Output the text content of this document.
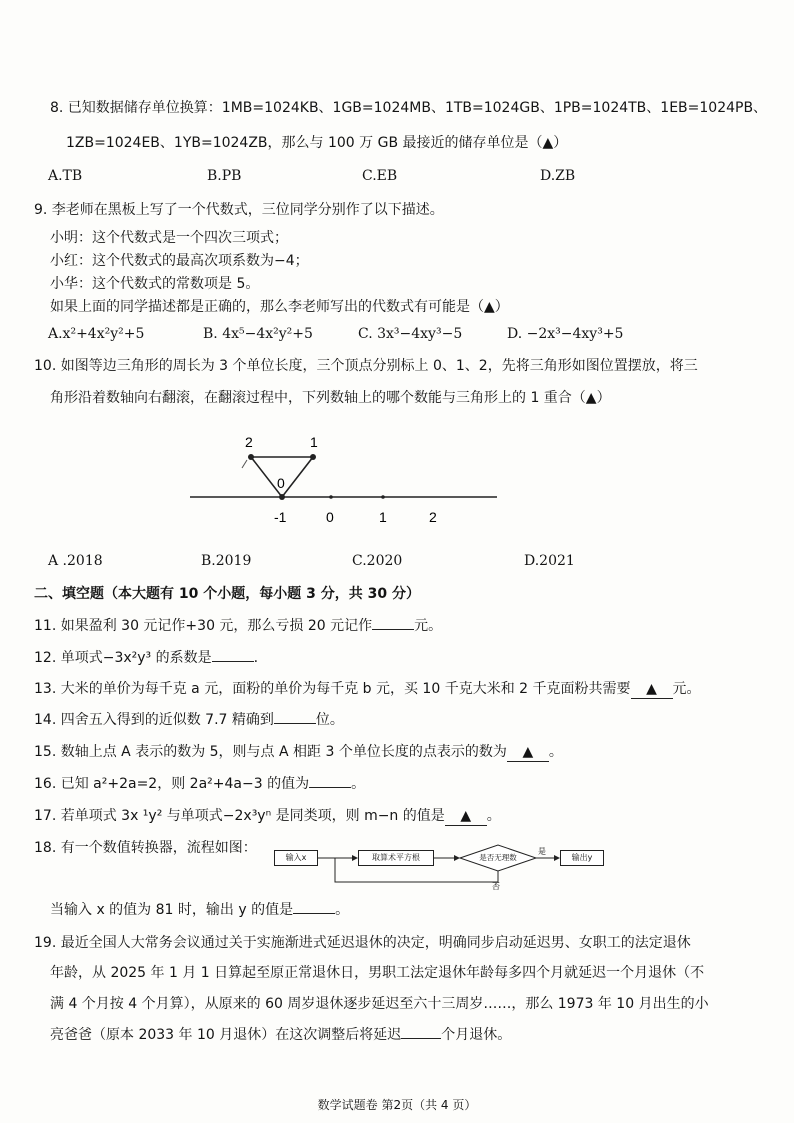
8. 已知数据储存单位换算：1MB=1024KB、1GB=1024MB、1TB=1024GB、1PB=1024TB、1EB=1024PB、
1ZB=1024EB、1YB=1024ZB，那么与 100 万 GB 最接近的储存单位是（▲）
A.TB	B.PB	C.EB	D.ZB
9. 李老师在黑板上写了一个代数式，三位同学分别作了以下描述。
小明：这个代数式是一个四次三项式；
小红：这个代数式的最高次项系数为−4；
小华：这个代数式的常数项是 5。
如果上面的同学描述都是正确的，那么李老师写出的代数式有可能是（▲）
A.x²+4x²y²+5	B. 4x⁵−4x²y²+5	C. 3x³−4xy³−5	D. −2x³−4xy³+5
10. 如图等边三角形的周长为 3 个单位长度，三个顶点分别标上 0、1、2，先将三角形如图位置摆放，将三
角形沿着数轴向右翻滚，在翻滚过程中，下列数轴上的哪个数能与三角形上的 1 重合（▲）
2	1
0
-1	0	1	2
A .2018	B.2019	C.2020	D.2021
二、填空题（本大题有 10 个小题，每小题 3 分，共 30 分）
11. 如果盈利 30 元记作+30 元，那么亏损 20 元记作	元。
12. 单项式−3x²y³ 的系数是	.
13. 大米的单价为每千克 a 元，面粉的单价为每千克 b 元，买 10 千克大米和 2 千克面粉共需要 ▲ 元。
14. 四舍五入得到的近似数 7.7 精确到	位。
15. 数轴上点 A 表示的数为 5，则与点 A 相距 3 个单位长度的点表示的数为 ▲ 。
16. 已知 a²+2a=2，则 2a²+4a−3 的值为	。
17. 若单项式 3x ¹y² 与单项式−2x³yⁿ 是同类项，则 m−n 的值是 ▲ 。
18. 有一个数值转换器，流程如图：	是
否
输入x	取算术平方根	是否无理数	输出y
当输入 x 的值为 81 时，输出 y 的值是	。
19. 最近全国人大常务会议通过关于实施渐进式延迟退休的决定，明确同步启动延迟男、女职工的法定退休
年龄，从 2025 年 1 月 1 日算起至原正常退休日，男职工法定退休年龄每多四个月就延迟一个月退休（不
满 4 个月按 4 个月算），从原来的 60 周岁退休逐步延迟至六十三周岁……，那么 1973 年 10 月出生的小
亮爸爸（原本 2033 年 10 月退休）在这次调整后将延迟	个月退休。
数学试题卷 第2页（共 4 页）
